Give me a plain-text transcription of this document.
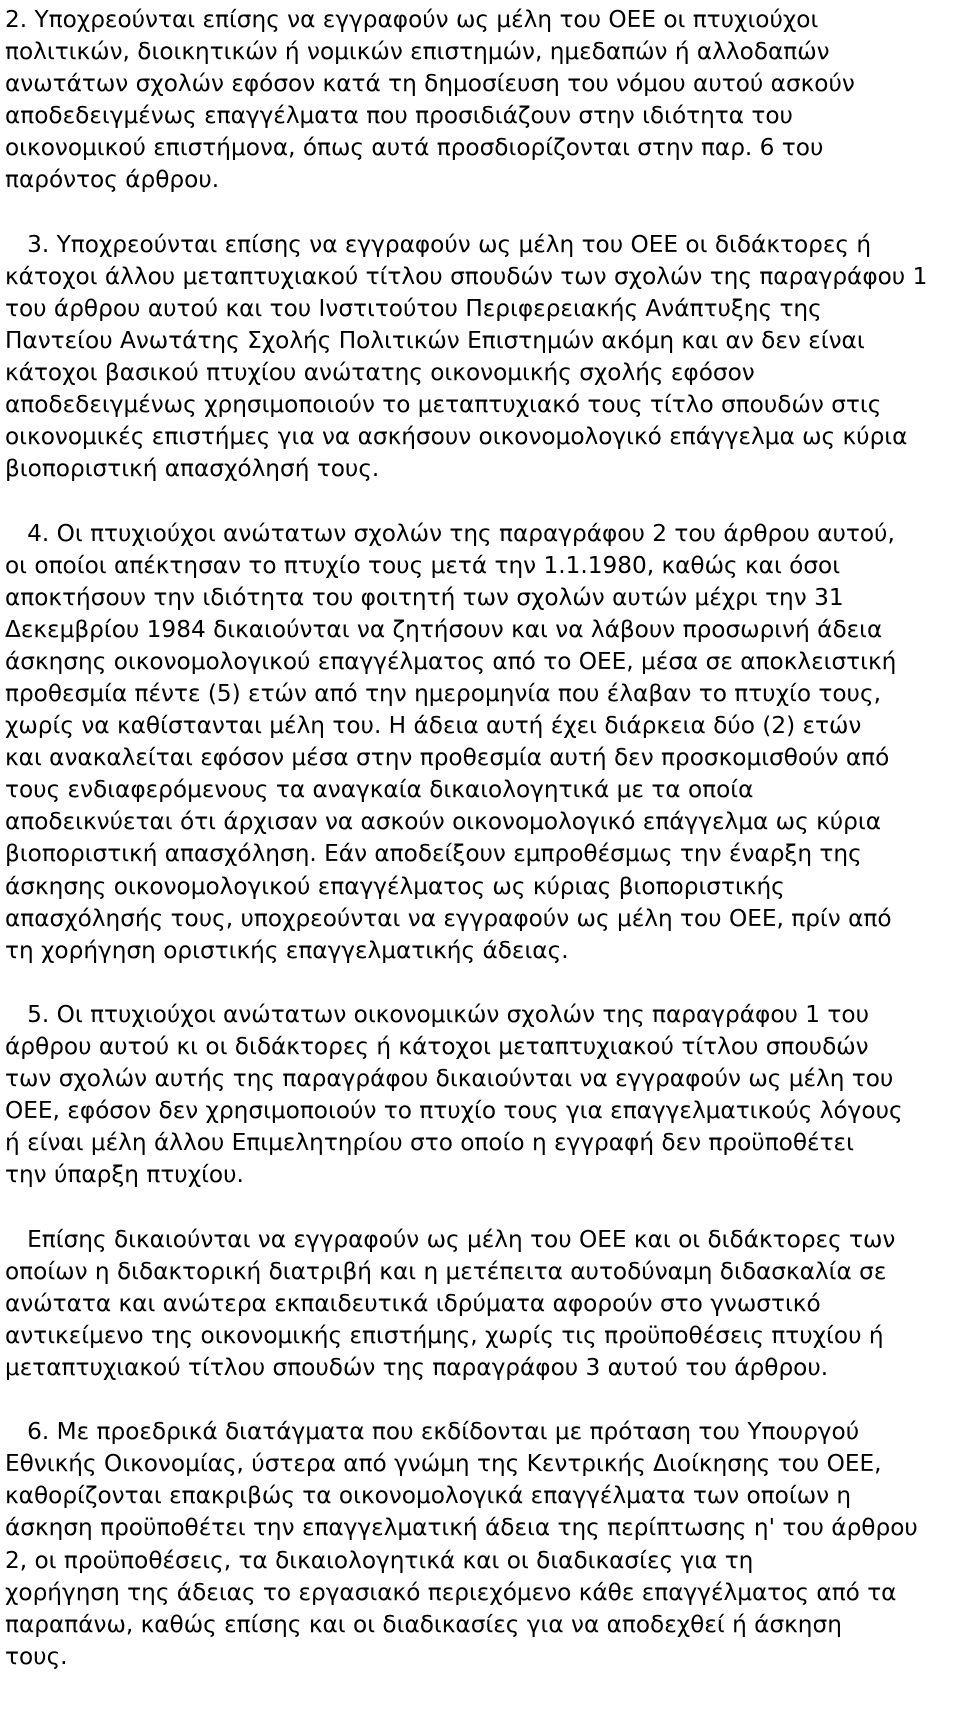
2. Υποχρεούνται επίσης να εγγραφούν ως μέλη του ΟΕΕ οι πτυχιούχοι
πολιτικών, διοικητικών ή νομικών επιστημών, ημεδαπών ή αλλοδαπών
ανωτάτων σχολών εφόσον κατά τη δημοσίευση του νόμου αυτού ασκούν
αποδεδειγμένως επαγγέλματα που προσιδιάζουν στην ιδιότητα του
οικονομικού επιστήμονα, όπως αυτά προσδιορίζονται στην παρ. 6 του
παρόντος άρθρου.
3. Υποχρεούνται επίσης να εγγραφούν ως μέλη του ΟΕΕ οι διδάκτορες ή
κάτοχοι άλλου μεταπτυχιακού τίτλου σπουδών των σχολών της παραγράφου 1
του άρθρου αυτού και του Ινστιτούτου Περιφερειακής Ανάπτυξης της
Παντείου Ανωτάτης Σχολής Πολιτικών Επιστημών ακόμη και αν δεν είναι
κάτοχοι βασικού πτυχίου ανώτατης οικονομικής σχολής εφόσον
αποδεδειγμένως χρησιμοποιούν το μεταπτυχιακό τους τίτλο σπουδών στις
οικονομικές επιστήμες για να ασκήσουν οικονομολογικό επάγγελμα ως κύρια
βιοποριστική απασχόλησή τους.
4. Οι πτυχιούχοι ανώτατων σχολών της παραγράφου 2 του άρθρου αυτού,
οι οποίοι απέκτησαν το πτυχίο τους μετά την 1.1.1980, καθώς και όσοι
αποκτήσουν την ιδιότητα του φοιτητή των σχολών αυτών μέχρι την 31
Δεκεμβρίου 1984 δικαιούνται να ζητήσουν και να λάβουν προσωρινή άδεια
άσκησης οικονομολογικού επαγγέλματος από το ΟΕΕ, μέσα σε αποκλειστική
προθεσμία πέντε (5) ετών από την ημερομηνία που έλαβαν το πτυχίο τους,
χωρίς να καθίστανται μέλη του. Η άδεια αυτή έχει διάρκεια δύο (2) ετών
και ανακαλείται εφόσον μέσα στην προθεσμία αυτή δεν προσκομισθούν από
τους ενδιαφερόμενους τα αναγκαία δικαιολογητικά με τα οποία
αποδεικνύεται ότι άρχισαν να ασκούν οικονομολογικό επάγγελμα ως κύρια
βιοποριστική απασχόληση. Εάν αποδείξουν εμπροθέσμως την έναρξη της
άσκησης οικονομολογικού επαγγέλματος ως κύριας βιοποριστικής
απασχόλησής τους, υποχρεούνται να εγγραφούν ως μέλη του ΟΕΕ, πρίν από
τη χορήγηση οριστικής επαγγελματικής άδειας.
5. Οι πτυχιούχοι ανώτατων οικονομικών σχολών της παραγράφου 1 του
άρθρου αυτού κι οι διδάκτορες ή κάτοχοι μεταπτυχιακού τίτλου σπουδών
των σχολών αυτής της παραγράφου δικαιούνται να εγγραφούν ως μέλη του
ΟΕΕ, εφόσον δεν χρησιμοποιούν το πτυχίο τους για επαγγελματικούς λόγους
ή είναι μέλη άλλου Επιμελητηρίου στο οποίο η εγγραφή δεν προϋποθέτει
την ύπαρξη πτυχίου.
Επίσης δικαιούνται να εγγραφούν ως μέλη του ΟΕΕ και οι διδάκτορες των
οποίων η διδακτορική διατριβή και η μετέπειτα αυτοδύναμη διδασκαλία σε
ανώτατα και ανώτερα εκπαιδευτικά ιδρύματα αφορούν στο γνωστικό
αντικείμενο της οικονομικής επιστήμης, χωρίς τις προϋποθέσεις πτυχίου ή
μεταπτυχιακού τίτλου σπουδών της παραγράφου 3 αυτού του άρθρου.
6. Με προεδρικά διατάγματα που εκδίδονται με πρόταση του Υπουργού
Εθνικής Οικονομίας, ύστερα από γνώμη της Κεντρικής Διοίκησης του ΟΕΕ,
καθορίζονται επακριβώς τα οικονομολογικά επαγγέλματα των οποίων η
άσκηση προϋποθέτει την επαγγελματική άδεια της περίπτωσης η' του άρθρου
2, οι προϋποθέσεις, τα δικαιολογητικά και οι διαδικασίες για τη
χορήγηση της άδειας το εργασιακό περιεχόμενο κάθε επαγγέλματος από τα
παραπάνω, καθώς επίσης και οι διαδικασίες για να αποδεχθεί ή άσκηση
τους.
